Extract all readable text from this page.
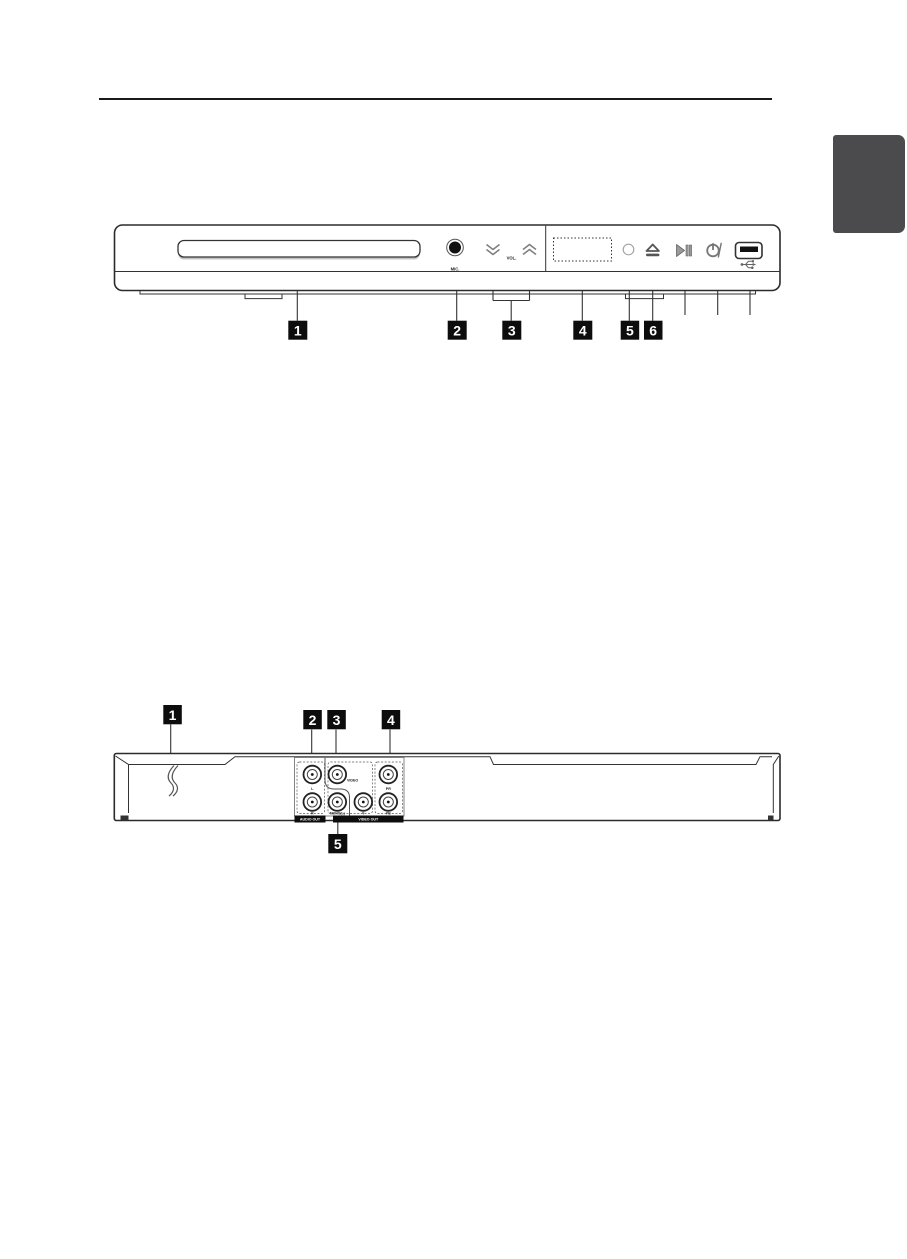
MIC.
VOL.
1	2	3	4	5 6
L
VIDEO
PR
R	MONO(L)	Y	PB
AUDIO OUT	VIDEO OUT
1	2 3	4
5
